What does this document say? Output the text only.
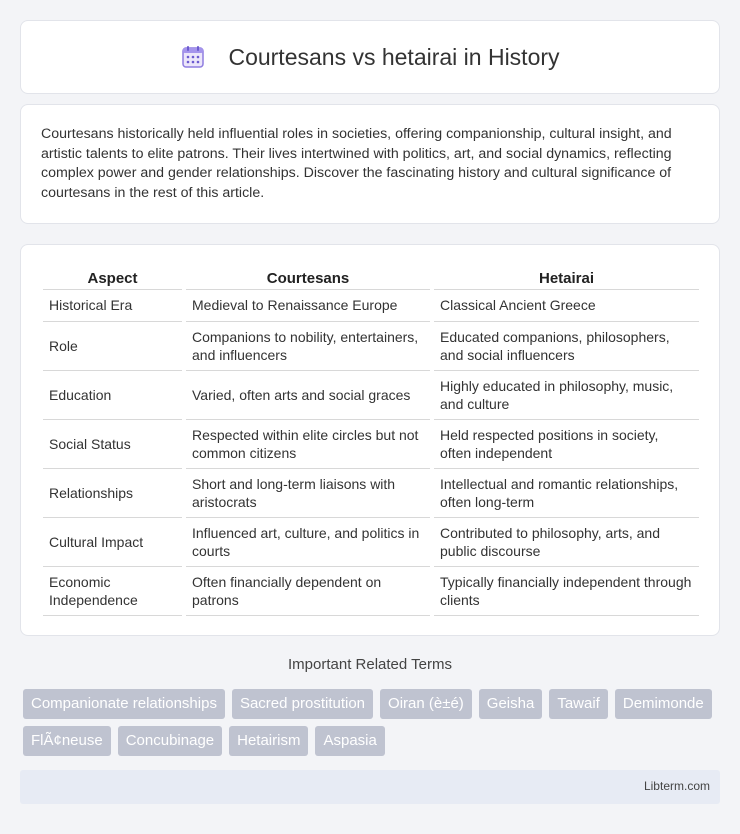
Courtesans vs hetairai in History

Courtesans historically held influential roles in societies, offering companionship, cultural insight, and artistic talents to elite patrons. Their lives intertwined with politics, art, and social dynamics, reflecting complex power and gender relationships. Discover the fascinating history and cultural significance of courtesans in the rest of this article.

Aspect	Courtesans	Hetairai
Historical Era	Medieval to Renaissance Europe	Classical Ancient Greece
Role	Companions to nobility, entertainers, and influencers	Educated companions, philosophers, and social influencers
Education	Varied, often arts and social graces	Highly educated in philosophy, music, and culture
Social Status	Respected within elite circles but not common citizens	Held respected positions in society, often independent
Relationships	Short and long-term liaisons with aristocrats	Intellectual and romantic relationships, often long-term
Cultural Impact	Influenced art, culture, and politics in courts	Contributed to philosophy, arts, and public discourse
Economic Independence	Often financially dependent on patrons	Typically financially independent through clients
Important Related Terms
Companionate relationships	Sacred prostitution	Oiran (è±é)	Geisha	Tawaif	Demimonde
FlÃ¢neuse	Concubinage	Hetairism	Aspasia
Libterm.com
